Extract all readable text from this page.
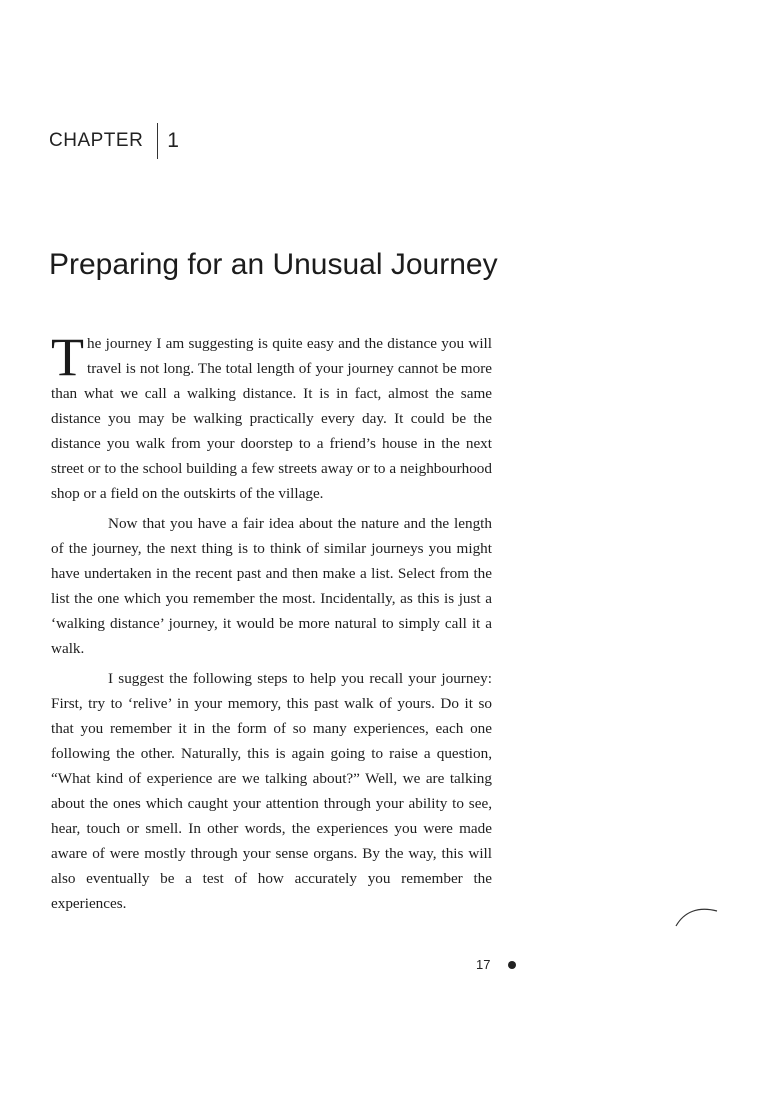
CHAPTER 1
Preparing for an Unusual Journey

The journey I am suggesting is quite easy and the distance you will travel is not long. The total length of your journey cannot be more than what we call a walking distance. It is in fact, almost the same distance you may be walking practically every day. It could be the distance you walk from your doorstep to a friend’s house in the next street or to the school building a few streets away or to a neighbourhood shop or a field on the outskirts of the village.

Now that you have a fair idea about the nature and the length of the journey, the next thing is to think of similar journeys you might have undertaken in the recent past and then make a list. Select from the list the one which you remember the most. Incidentally, as this is just a ‘walking distance’ journey, it would be more natural to simply call it a walk.

I suggest the following steps to help you recall your journey: First, try to ‘relive’ in your memory, this past walk of yours. Do it so that you remember it in the form of so many experiences, each one following the other. Naturally, this is again going to raise a question, “What kind of experience are we talking about?” Well, we are talking about the ones which caught your attention through your ability to see, hear, touch or smell. In other words, the experiences you were made aware of were mostly through your sense organs. By the way, this will also eventually be a test of how accurately you remember the experiences.

17
